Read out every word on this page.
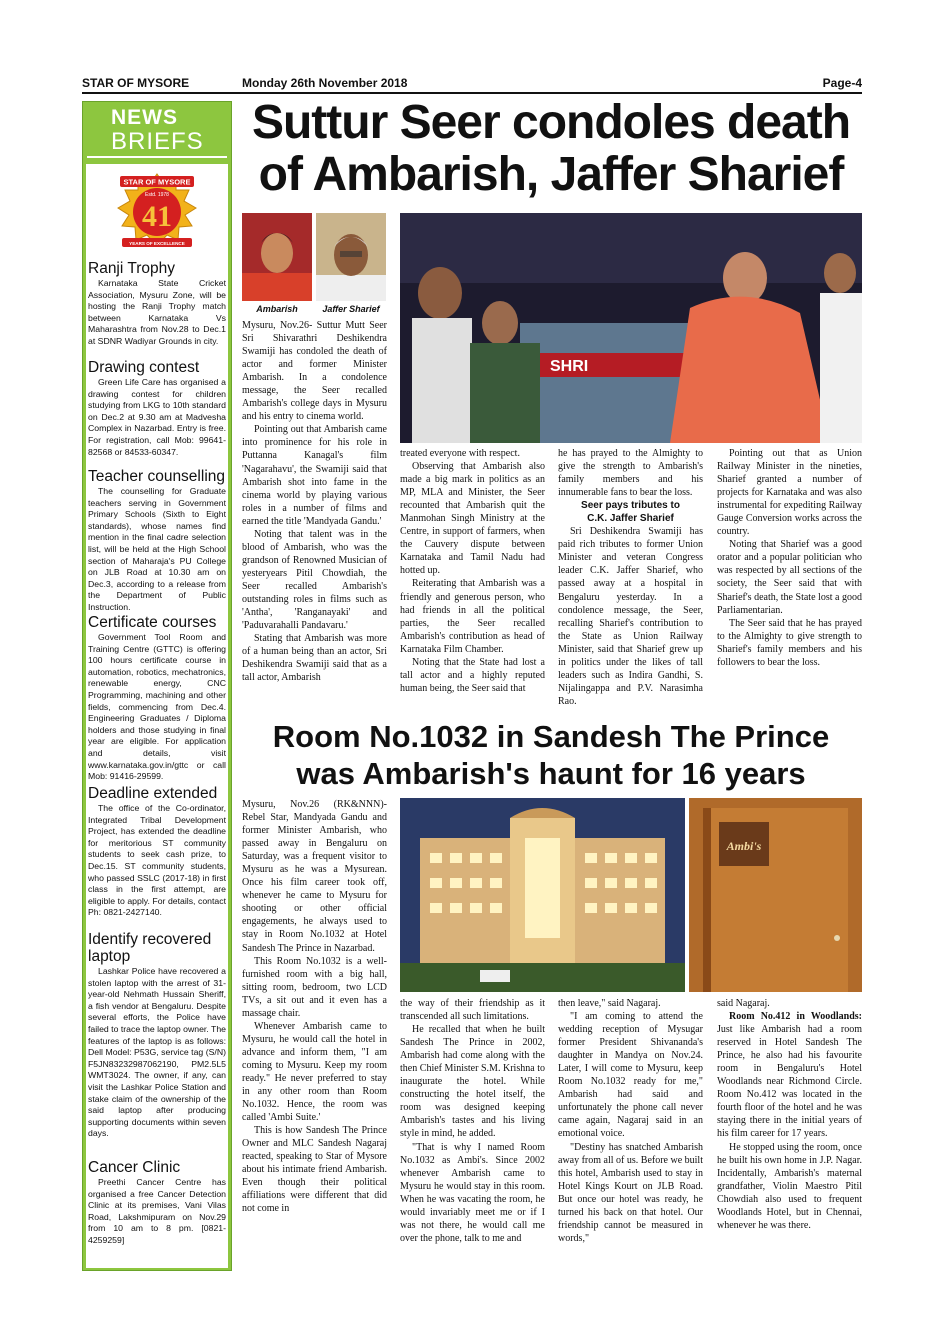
STAR OF MYSORE	Monday 26th November 2018	Page-4
NEWS
BRIEFS
STAR OF MYSORE
Estd. 1978
41
YEARS OF EXCELLENCE
Ranji Trophy

Karnataka State Cricket Association, Mysuru Zone, will be hosting the Ranji Trophy match between Karnataka Vs Maharashtra from Nov.28 to Dec.1 at SDNR Wadiyar Grounds in city.

Drawing contest

Green Life Care has organised a drawing contest for children studying from LKG to 10th standard on Dec.2 at 9.30 am at Madvesha Complex in Nazarbad. Entry is free. For registration, call Mob: 99641-82568 or 84533-60347.

Teacher counselling

The counselling for Graduate teachers serving in Government Primary Schools (Sixth to Eight standards), whose names find mention in the final cadre selection list, will be held at the High School section of Maharaja's PU College on JLB Road at 10.30 am on Dec.3, according to a release from the Department of Public Instruction.

Certificate courses

Government Tool Room and Training Centre (GTTC) is offering 100 hours certificate course in automation, robotics, mechatronics, renewable energy, CNC Programming, machining and other fields, commencing from Dec.4. Engineering Graduates / Diploma holders and those studying in final year are eligible. For application and details, visit www.karnataka.gov.in/gttc or call Mob: 91416-29599.

Deadline extended

The office of the Co-ordinator, Integrated Tribal Development Project, has extended the deadline for meritorious ST community students to seek cash prize, to Dec.15. ST community students, who passed SSLC (2017-18) in first class in the first attempt, are eligible to apply. For details, contact Ph: 0821-2427140.

Identify recovered laptop

Lashkar Police have recovered a stolen laptop with the arrest of 31-year-old Nehmath Hussain Sheriff, a fish vendor at Bengaluru. Despite several efforts, the Police have failed to trace the laptop owner. The features of the laptop is as follows: Dell Model: P53G, service tag (S/N) F5JN83232987062190, PM2.5L5 WMT3024. The owner, if any, can visit the Lashkar Police Station and stake claim of the ownership of the said laptop after producing supporting documents within seven days.

Cancer Clinic

Preethi Cancer Centre has organised a free Cancer Detection Clinic at its premises, Vani Vilas Road, Lakshmipuram on Nov.29 from 10 am to 8 pm. [0821-4259259]

Suttur Seer condoles death
of Ambarish, Jaffer Sharief
Ambarish	Jaffer Sharief
SHRI

Mysuru, Nov.26- Suttur Mutt Seer Sri Shivarathri Deshikendra Swamiji has condoled the death of actor and former Minister Ambarish. In a condolence message, the Seer recalled Ambarish's college days in Mysuru and his entry to cinema world.

Pointing out that Ambarish came into prominence for his role in Puttanna Kanagal's film 'Nagarahavu', the Swamiji said that Ambarish shot into fame in the cinema world by playing various roles in a number of films and earned the title 'Mandyada Gandu.'

Noting that talent was in the blood of Ambarish, who was the grandson of Renowned Musician of yesteryears Pitil Chowdiah, the Seer recalled Ambarish's outstanding roles in films such as 'Antha', 'Ranganayaki' and 'Paduvarahalli Pandavaru.'

Stating that Ambarish was more of a human being than an actor, Sri Deshikendra Swamiji said that as a tall actor, Ambarish

treated everyone with respect.

Observing that Ambarish also made a big mark in politics as an MP, MLA and Minister, the Seer recounted that Ambarish quit the Manmohan Singh Ministry at the Centre, in support of farmers, when the Cauvery dispute between Karnataka and Tamil Nadu had hotted up.

Reiterating that Ambarish was a friendly and generous person, who had friends in all the political parties, the Seer recalled Ambarish's contribution as head of Karnataka Film Chamber.

Noting that the State had lost a tall actor and a highly reputed human being, the Seer said that

he has prayed to the Almighty to give the strength to Ambarish's family members and his innumerable fans to bear the loss.

Seer pays tributes to

C.K. Jaffer Sharief

Sri Deshikendra Swamiji has paid rich tributes to former Union Minister and veteran Congress leader C.K. Jaffer Sharief, who passed away at a hospital in Bengaluru yesterday. In a condolence message, the Seer, recalling Sharief's contribution to the State as Union Railway Minister, said that Sharief grew up in politics under the likes of tall leaders such as Indira Gandhi, S. Nijalingappa and P.V. Narasimha Rao.

Pointing out that as Union Railway Minister in the nineties, Sharief granted a number of projects for Karnataka and was also instrumental for expediting Railway Gauge Conversion works across the country.

Noting that Sharief was a good orator and a popular politician who was respected by all sections of the society, the Seer said that with Sharief's death, the State lost a good Parliamentarian.

The Seer said that he has prayed to the Almighty to give strength to Sharief's family members and his followers to bear the loss.

Room No.1032 in Sandesh The Prince
was Ambarish's haunt for 16 years
Ambi's

Mysuru, Nov.26 (RK&NNN)- Rebel Star, Mandyada Gandu and former Minister Ambarish, who passed away in Bengaluru on Saturday, was a frequent visitor to Mysuru as he was a Mysurean. Once his film career took off, whenever he came to Mysuru for shooting or other official engagements, he always used to stay in Room No.1032 at Hotel Sandesh The Prince in Nazarbad.

This Room No.1032 is a well-furnished room with a big hall, sitting room, bedroom, two LCD TVs, a sit out and it even has a massage chair.

Whenever Ambarish came to Mysuru, he would call the hotel in advance and inform them, "I am coming to Mysuru. Keep my room ready." He never preferred to stay in any other room than Room No.1032. Hence, the room was called 'Ambi Suite.'

This is how Sandesh The Prince Owner and MLC Sandesh Nagaraj reacted, speaking to Star of Mysore about his intimate friend Ambarish. Even though their political affiliations were different that did not come in

the way of their friendship as it transcended all such limitations.

He recalled that when he built Sandesh The Prince in 2002, Ambarish had come along with the then Chief Minister S.M. Krishna to inaugurate the hotel. While constructing the hotel itself, the room was designed keeping Ambarish's tastes and his living style in mind, he added.

"That is why I named Room No.1032 as Ambi's. Since 2002 whenever Ambarish came to Mysuru he would stay in this room. When he was vacating the room, he would invariably meet me or if I was not there, he would call me over the phone, talk to me and

then leave," said Nagaraj.

"I am coming to attend the wedding reception of Mysugar former President Shivananda's daughter in Mandya on Nov.24. Later, I will come to Mysuru, keep Room No.1032 ready for me," Ambarish had said and unfortunately the phone call never came again, Nagaraj said in an emotional voice.

"Destiny has snatched Ambarish away from all of us. Before we built this hotel, Ambarish used to stay in Hotel Kings Kourt on JLB Road. But once our hotel was ready, he turned his back on that hotel. Our friendship cannot be measured in words,"

said Nagaraj.

Room No.412 in Woodlands: Just like Ambarish had a room reserved in Hotel Sandesh The Prince, he also had his favourite room in Bengaluru's Hotel Woodlands near Richmond Circle. Room No.412 was located in the fourth floor of the hotel and he was staying there in the initial years of his film career for 17 years.

He stopped using the room, once he built his own home in J.P. Nagar. Incidentally, Ambarish's maternal grandfather, Violin Maestro Pitil Chowdiah also used to frequent Woodlands Hotel, but in Chennai, whenever he was there.
